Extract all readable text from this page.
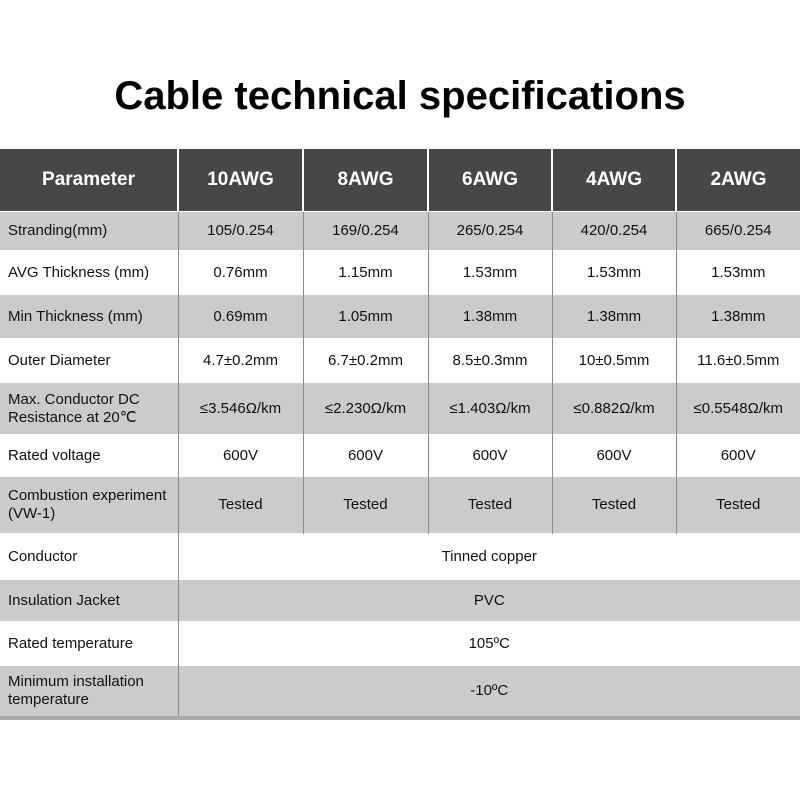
Cable technical specifications
Parameter	10AWG	8AWG	6AWG	4AWG	2AWG
Stranding(mm)	105/0.254	169/0.254	265/0.254	420/0.254	665/0.254
AVG Thickness (mm)	0.76mm	1.15mm	1.53mm	1.53mm	1.53mm
Min Thickness (mm)	0.69mm	1.05mm	1.38mm	1.38mm	1.38mm
Outer Diameter	4.7±0.2mm	6.7±0.2mm	8.5±0.3mm	10±0.5mm	11.6±0.5mm
Max. Conductor DC Resistance at 20℃	≤3.546Ω/km	≤2.230Ω/km	≤1.403Ω/km	≤0.882Ω/km	≤0.5548Ω/km
Rated voltage	600V	600V	600V	600V	600V
Combustion experiment (VW-1)	Tested	Tested	Tested	Tested	Tested
Conductor	Tinned copper				
Insulation Jacket	PVC				
Rated temperature	105ºC				
Minimum installation temperature	-10ºC				
